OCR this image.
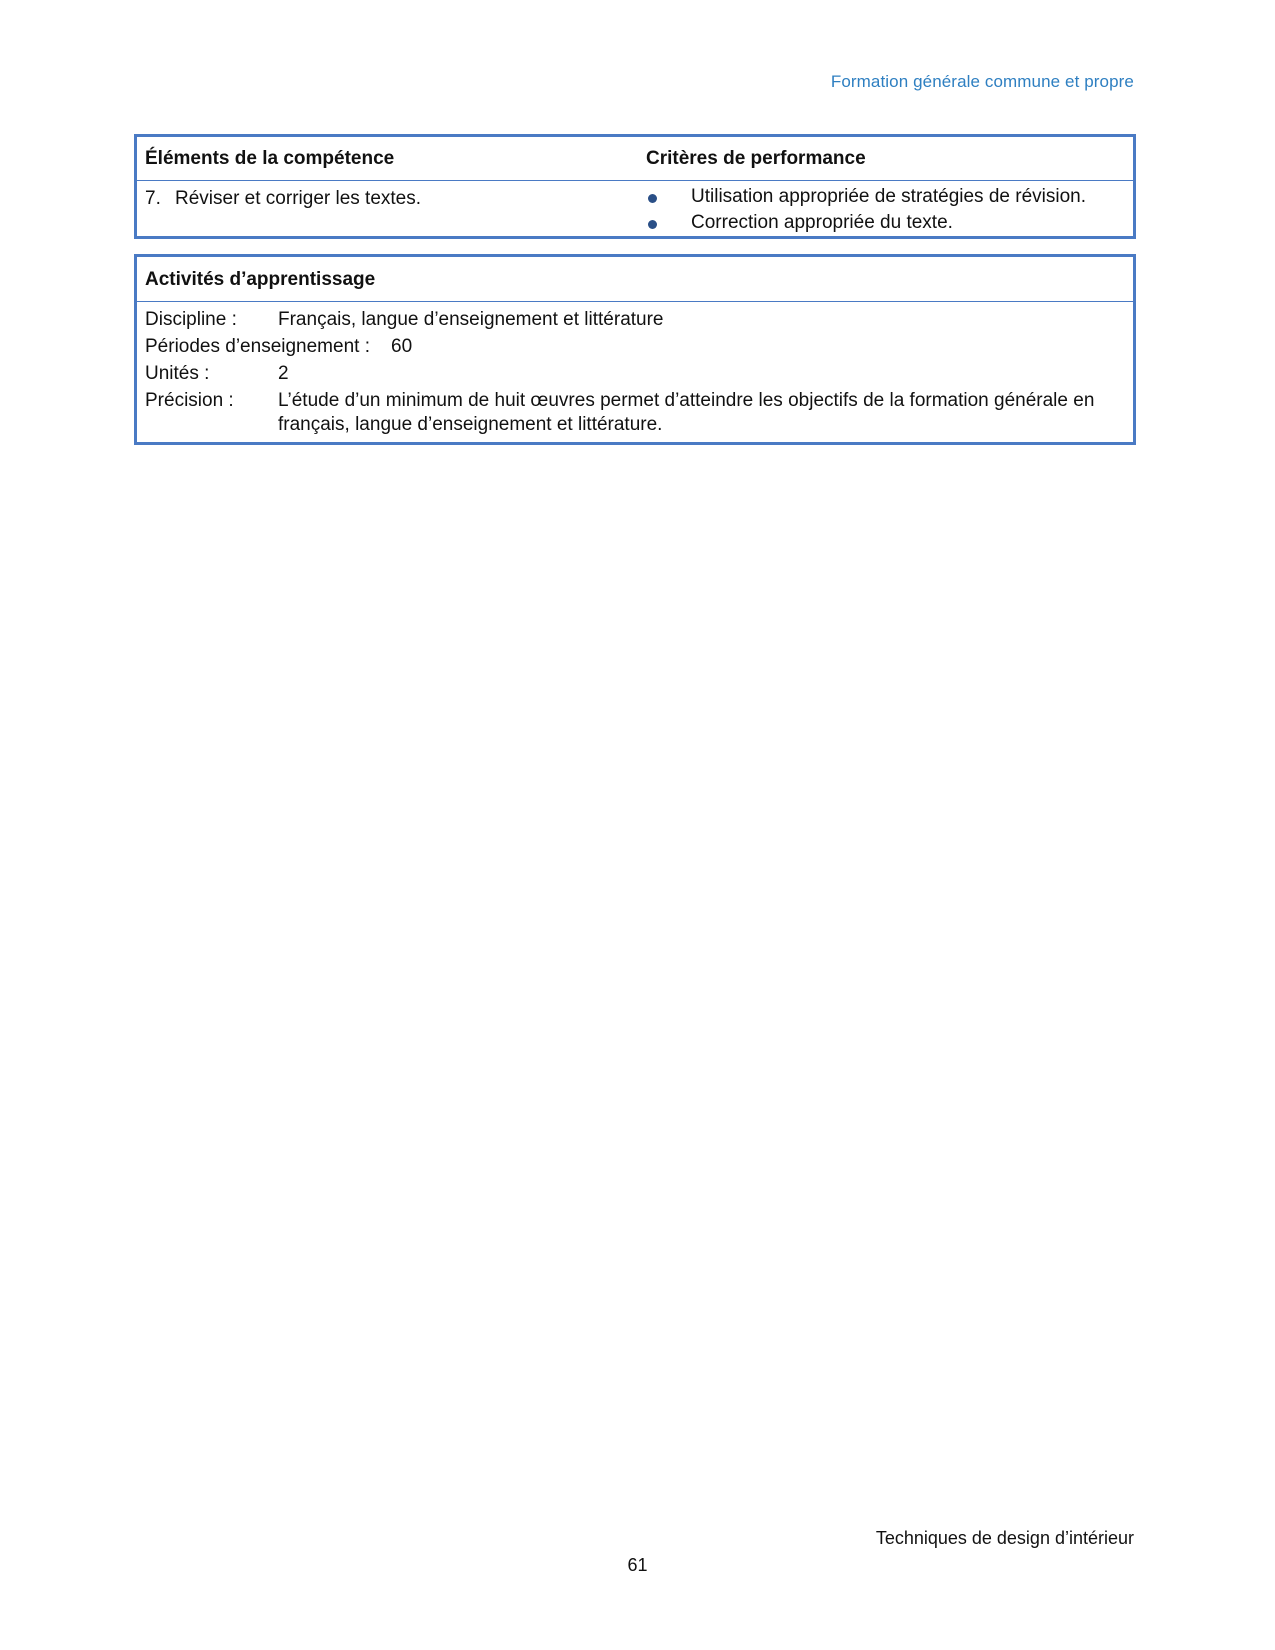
Formation générale commune et propre
Éléments de la compétence	Critères de performance
7. Réviser et corriger les textes.	Utilisation appropriée de stratégies de révision.
Correction appropriée du texte.
Activités d’apprentissage
Discipline : Français, langue d’enseignement et littérature
Périodes d’enseignement : 60
Unités :	2
Précision : L’étude d’un minimum de huit œuvres permet d’atteindre les objectifs de la formation générale en français, langue d’enseignement et littérature.
Techniques de design d’intérieur
61
